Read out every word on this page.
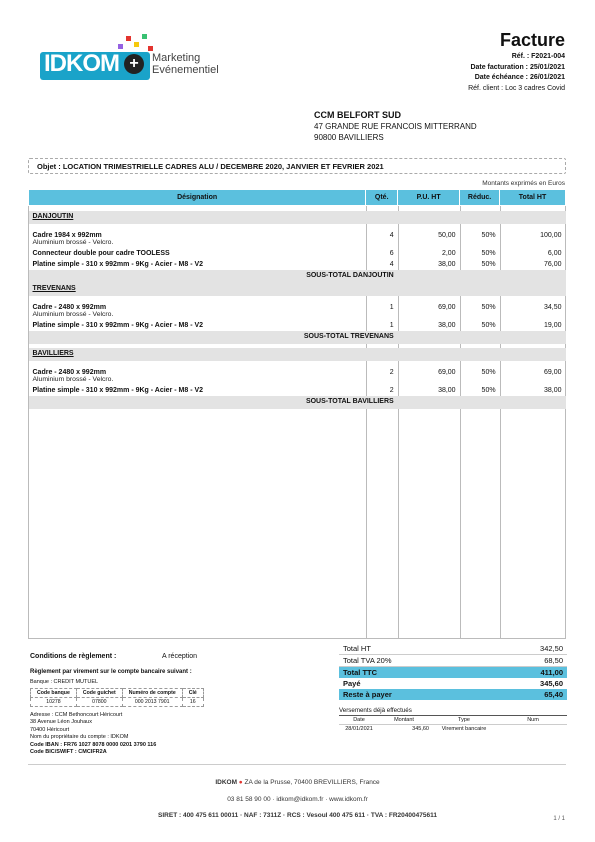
IDKOM +	Marketing
Evénementiel
Facture
Réf. : F2021-004
Date facturation : 25/01/2021
Date échéance : 26/01/2021
Réf. client : Loc 3 cadres Covid
CCM BELFORT SUD
47 GRANDE RUE FRANCOIS MITTERRAND
90800 BAVILLIERS
Objet : LOCATION TRIMESTRIELLE CADRES ALU / DECEMBRE 2020, JANVIER ET FEVRIER 2021
Montants exprimés en Euros
Désignation	Qté.	P.U. HT	Réduc.	Total HT

DANJOUTIN				

Cadre 1984 x 992mm
Aluminium brossé - Velcro.	4	50,00	50%	100,00

Connecteur double pour cadre TOOLESS	6	2,00	50%	6,00

Platine simple - 310 x 992mm - 9Kg - Acier - M8 - V2	4	38,00	50%	76,00
SOUS-TOTAL DANJOUTIN				
TREVENANS				

Cadre - 2480 x 992mm
Aluminium brossé - Velcro.	1	69,00	50%	34,50

Platine simple - 310 x 992mm - 9Kg - Acier - M8 - V2	1	38,00	50%	19,00
SOUS-TOTAL TREVENANS				

BAVILLIERS				

Cadre - 2480 x 992mm
Aluminium brossé - Velcro.	2	69,00	50%	69,00

Platine simple - 310 x 992mm - 9Kg - Acier - M8 - V2	2	38,00	50%	38,00
SOUS-TOTAL BAVILLIERS				
Conditions de règlement :	A réception
Règlement par virement sur le compte bancaire suivant :
Banque : CREDIT MUTUEL
Code banque	Code guichet	Numéro de compte	Clé
10278	07800	000 2013 7901	16
Adresse : CCM Bethoncourt Héricourt
38 Avenue Léon Jouhaux
70400 Héricourt
Nom du propriétaire du compte : IDKOM
Code IBAN : FR76 1027 8078 0000 0201 3790 116
Code BIC/SWIFT : CMCIFR2A
Total HT	342,50
Total TVA 20%	68,50
Total TTC	411,00
Payé	345,60
Reste à payer	65,40
Versements déjà effectués
Date	Montant	Type	Num
28/01/2021	345,60	Virement bancaire
IDKOM ● ZA de la Prusse, 70400 BREVILLIERS, France
03 81 58 90 00 · idkom@idkom.fr · www.idkom.fr
SIRET : 400 475 611 00011 · NAF : 7311Z · RCS : Vesoul 400 475 611 · TVA : FR20400475611	1 / 1
